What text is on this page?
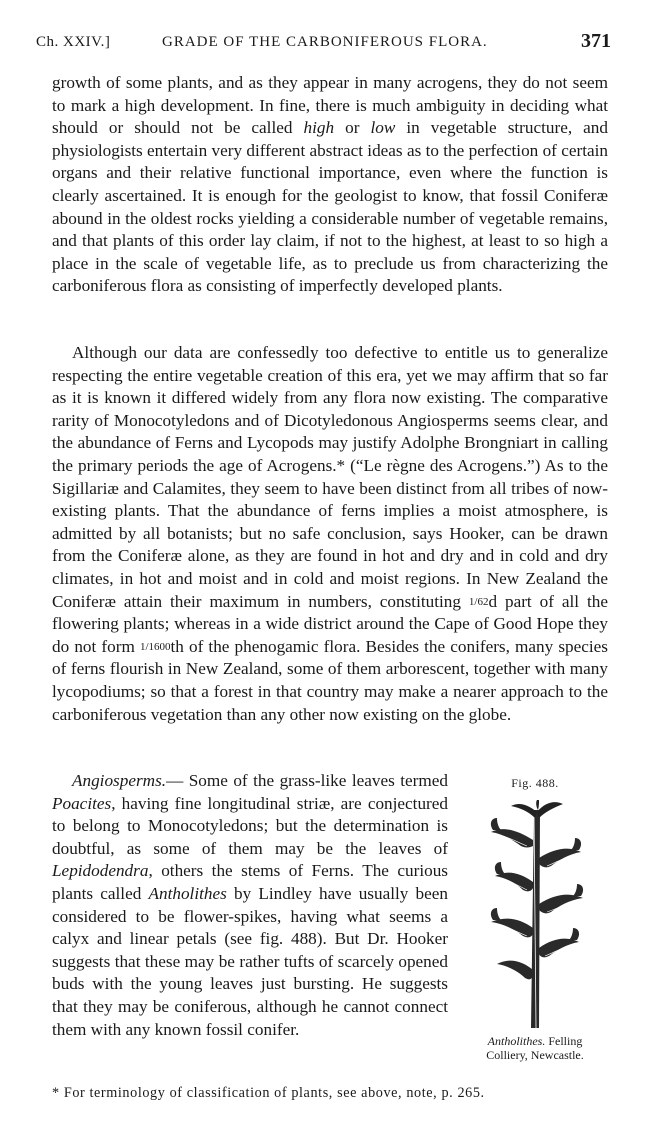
Ch. XXIV.]	GRADE OF THE CARBONIFEROUS FLORA.	371
growth of some plants, and as they appear in many acrogens, they do not seem to mark a high development. In fine, there is much ambiguity in deciding what should or should not be called high or low in vegetable structure, and physiologists entertain very different abstract ideas as to the perfection of certain organs and their relative functional importance, even where the function is clearly ascertained. It is enough for the geologist to know, that fossil Coniferæ abound in the oldest rocks yielding a considerable number of vegetable remains, and that plants of this order lay claim, if not to the highest, at least to so high a place in the scale of vegetable life, as to preclude us from characterizing the carboniferous flora as consisting of imperfectly developed plants.
Although our data are confessedly too defective to entitle us to generalize respecting the entire vegetable creation of this era, yet we may affirm that so far as it is known it differed widely from any flora now existing. The comparative rarity of Monocotyledons and of Dicotyledonous Angiosperms seems clear, and the abundance of Ferns and Lycopods may justify Adolphe Brongniart in calling the primary periods the age of Acrogens.* (“Le règne des Acrogens.”) As to the Sigillariæ and Calamites, they seem to have been distinct from all tribes of now-existing plants. That the abundance of ferns implies a moist atmosphere, is admitted by all botanists; but no safe conclusion, says Hooker, can be drawn from the Coniferæ alone, as they are found in hot and dry and in cold and dry climates, in hot and moist and in cold and moist regions. In New Zealand the Coniferæ attain their maximum in numbers, constituting 1/62d part of all the flowering plants; whereas in a wide district around the Cape of Good Hope they do not form 1/1600th of the phenogamic flora. Besides the conifers, many species of ferns flourish in New Zealand, some of them arborescent, together with many lycopodiums; so that a forest in that country may make a nearer approach to the carboniferous vegetation than any other now existing on the globe.
Angiosperms.— Some of the grass-like leaves termed Poacites, having fine longitudinal striæ, are conjectured to belong to Monocotyledons; but the determination is doubtful, as some of them may be the leaves of Lepidodendra, others the stems of Ferns. The curious plants called Antholithes by Lindley have usually been considered to be flower-spikes, having what seems a calyx and linear petals (see fig. 488). But Dr. Hooker suggests that these may be rather tufts of scarcely opened buds with the young leaves just bursting. He suggests that they may be coniferous, although he cannot connect them with any known fossil conifer.
Fig. 488.
Antholithes. Felling
Colliery, Newcastle.
* For terminology of classification of plants, see above, note, p. 265.
